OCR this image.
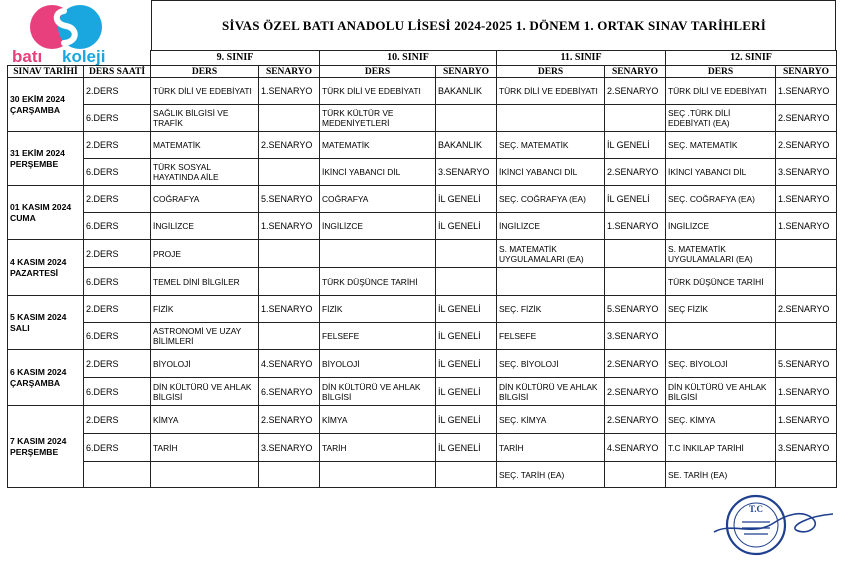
batı koleji
SİVAS ÖZEL BATI ANADOLU LİSESİ 2024-2025 1. DÖNEM 1. ORTAK SINAV TARİHLERİ
		9. SINIF		10. SINIF		11. SINIF		12. SINIF	
SINAV TARİHİ	DERS SAATİ	DERS	SENARYO	DERS	SENARYO	DERS	SENARYO	DERS	SENARYO

30 EKİM 2024
ÇARŞAMBA	2.DERS	TÜRK DİLİ VE EDEBİYATI	1.SENARYO	TÜRK DİLİ VE EDEBİYATI	BAKANLIK	TÜRK DİLİ VE EDEBİYATI	2.SENARYO	TÜRK DİLİ VE EDEBİYATI	1.SENARYO
	6.DERS	SAĞLIK BİLGİSİ VE TRAFİK		TÜRK KÜLTÜR VE MEDENİYETLERİ				SEÇ .TÜRK DİLİ EDEBİYATI (EA)	2.SENARYO

31 EKİM 2024
PERŞEMBE	2.DERS	MATEMATİK	2.SENARYO	MATEMATİK	BAKANLIK	SEÇ. MATEMATİK	İL GENELİ	SEÇ. MATEMATİK	2.SENARYO
	6.DERS	TÜRK SOSYAL HAYATINDA AİLE		İKİNCİ YABANCI DİL	3.SENARYO	İKİNCİ YABANCI DİL	2.SENARYO	İKİNCİ YABANCI DİL	3.SENARYO

01 KASIM 2024
CUMA	2.DERS	COĞRAFYA	5.SENARYO	COĞRAFYA	İL GENELİ	SEÇ. COĞRAFYA (EA)	İL GENELİ	SEÇ. COĞRAFYA (EA)	1.SENARYO
	6.DERS	İNGİLİZCE	1.SENARYO	İNGİLİZCE	İL GENELİ	İNGİLİZCE	1.SENARYO	İNGİLİZCE	1.SENARYO

4 KASIM 2024
PAZARTESİ	2.DERS	PROJE				S. MATEMATİK UYGULAMALARI (EA)		S. MATEMATİK UYGULAMALARI (EA)	
	6.DERS	TEMEL DİNİ BİLGİLER		TÜRK DÜŞÜNCE TARİHİ				TÜRK DÜŞÜNCE TARİHİ	

5 KASIM 2024
SALI	2.DERS	FİZİK	1.SENARYO	FİZİK	İL GENELİ	SEÇ. FİZİK	5.SENARYO	SEÇ FİZİK	2.SENARYO
	6.DERS	ASTRONOMİ VE UZAY BİLİMLERİ		FELSEFE	İL GENELİ	FELSEFE	3.SENARYO		

6 KASIM 2024
ÇARŞAMBA	2.DERS	BİYOLOJİ	4.SENARYO	BİYOLOJİ	İL GENELİ	SEÇ. BİYOLOJİ	2.SENARYO	SEÇ. BİYOLOJİ	5.SENARYO
	6.DERS	DİN KÜLTÜRÜ VE AHLAK BİLGİSİ	6.SENARYO	DİN KÜLTÜRÜ VE AHLAK BİLGİSİ	İL GENELİ	DİN KÜLTÜRÜ VE AHLAK BİLGİSİ	2.SENARYO	DİN KÜLTÜRÜ VE AHLAK BİLGİSİ	1.SENARYO

7 KASIM 2024
PERŞEMBE	2.DERS	KİMYA	2.SENARYO	KİMYA	İL GENELİ	SEÇ. KİMYA	2.SENARYO	SEÇ. KİMYA	1.SENARYO
	6.DERS	TARİH	3.SENARYO	TARİH	İL GENELİ	TARİH	4.SENARYO	T.C İNKILAP TARİHİ	3.SENARYO
						SEÇ. TARİH (EA)		SE. TARİH (EA)	
T.C
